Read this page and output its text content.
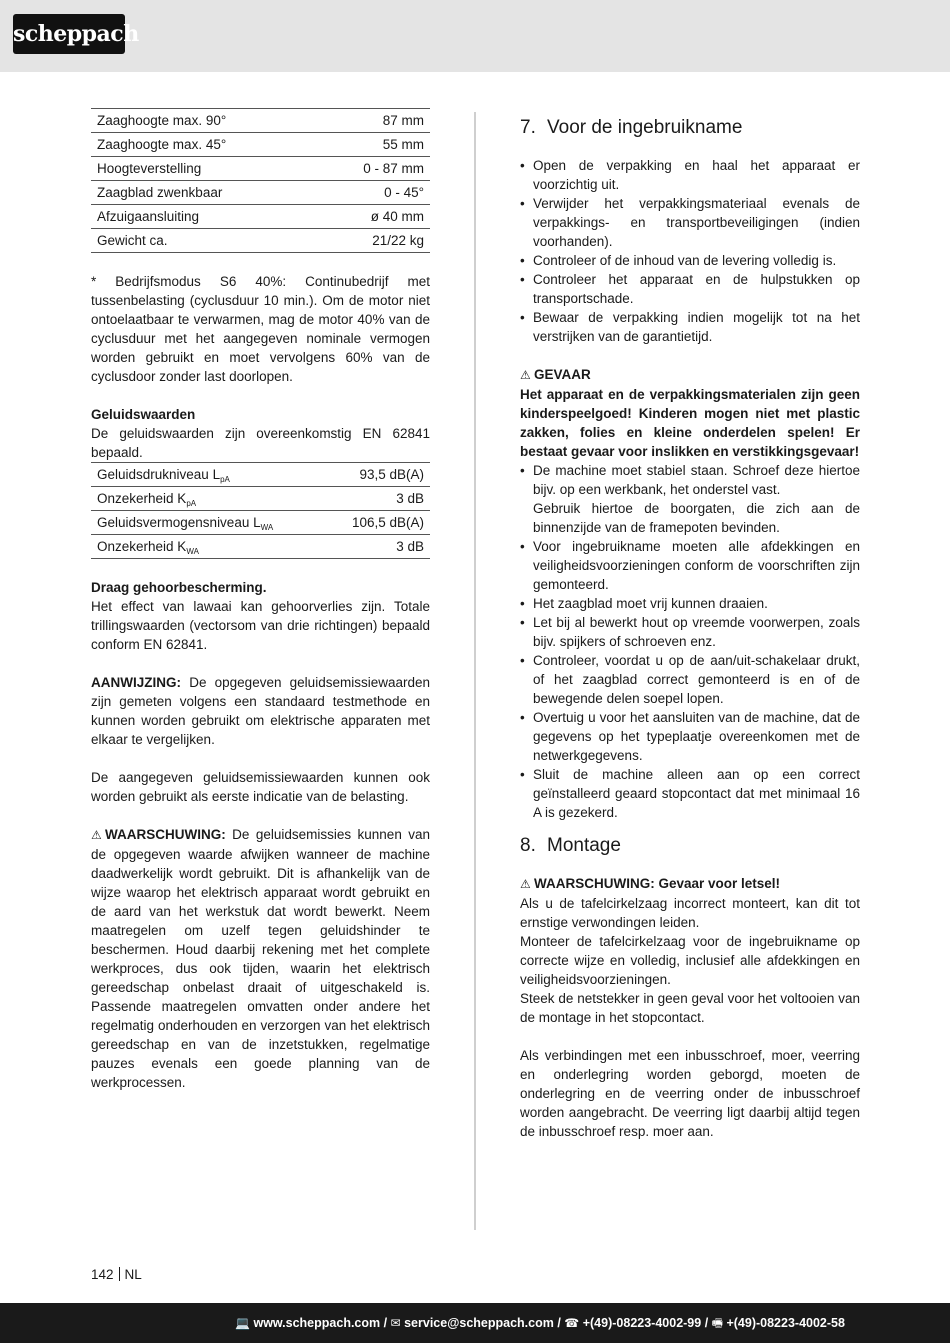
scheppach
Zaaghoogte max. 90°	87 mm
Zaaghoogte max. 45°	55 mm
Hoogteverstelling	0 - 87 mm
Zaagblad zwenkbaar	0 - 45°
Afzuigaansluiting	ø 40 mm
Gewicht ca.	21/22 kg

* Bedrijfsmodus S6 40%: Continubedrijf met tussenbelasting (cyclusduur 10 min.). Om de motor niet ontoelaatbaar te verwarmen, mag de motor 40% van de cyclusduur met het aangegeven nominale vermogen worden gebruikt en moet vervolgens 60% van de cyclusdoor zonder last doorlopen.

Geluidswaarden

De geluidswaarden zijn overeenkomstig EN 62841 bepaald.

Geluidsdrukniveau $L_{pA}$	93,5 dB(A)
Onzekerheid $K_{pA}$	3 dB
Geluidsvermogensniveau $L_{WA}$	106,5 dB(A)
Onzekerheid $K_{WA}$	3 dB

Draag gehoorbescherming.

Het effect van lawaai kan gehoorverlies zijn. Totale trillingswaarden (vectorsom van drie richtingen) bepaald conform EN 62841.

AANWIJZING: De opgegeven geluidsemissiewaarden zijn gemeten volgens een standaard testmethode en kunnen worden gebruikt om elektrische apparaten met elkaar te vergelijken.

De aangegeven geluidsemissiewaarden kunnen ook worden gebruikt als eerste indicatie van de belasting.

⚠ WAARSCHUWING: De geluidsemissies kunnen van de opgegeven waarde afwijken wanneer de machine daadwerkelijk wordt gebruikt. Dit is afhankelijk van de wijze waarop het elektrisch apparaat wordt gebruikt en de aard van het werkstuk dat wordt bewerkt. Neem maatregelen om uzelf tegen geluidshinder te beschermen. Houd daarbij rekening met het complete werkproces, dus ook tijden, waarin het elektrisch gereedschap onbelast draait of uitgeschakeld is. Passende maatregelen omvatten onder andere het regelmatig onderhouden en verzorgen van het elektrisch gereedschap en van de inzetstukken, regelmatige pauzes evenals een goede planning van de werkprocessen.

7. Voor de ingebruikname
• Open de verpakking en haal het apparaat er voorzichtig uit.
• Verwijder het verpakkingsmateriaal evenals de verpakkings- en transportbeveiligingen (indien voorhanden).
• Controleer of de inhoud van de levering volledig is.
• Controleer het apparaat en de hulpstukken op transportschade.
• Bewaar de verpakking indien mogelijk tot na het verstrijken van de garantietijd.

⚠ GEVAAR

Het apparaat en de verpakkingsmaterialen zijn geen kinderspeelgoed! Kinderen mogen niet met plastic zakken, folies en kleine onderdelen spelen! Er bestaat gevaar voor inslikken en verstikkingsgevaar!

• De machine moet stabiel staan. Schroef deze hiertoe bijv. op een werkbank, het onderstel vast.
Gebruik hiertoe de boorgaten, die zich aan de binnenzijde van de framepoten bevinden.
• Voor ingebruikname moeten alle afdekkingen en veiligheidsvoorzieningen conform de voorschriften zijn gemonteerd.
• Het zaagblad moet vrij kunnen draaien.
• Let bij al bewerkt hout op vreemde voorwerpen, zoals bijv. spijkers of schroeven enz.
• Controleer, voordat u op de aan/uit-schakelaar drukt, of het zaagblad correct gemonteerd is en of de bewegende delen soepel lopen.
• Overtuig u voor het aansluiten van de machine, dat de gegevens op het typeplaatje overeenkomen met de netwerkgegevens.
• Sluit de machine alleen aan op een correct geïnstalleerd geaard stopcontact dat met minimaal 16 A is gezekerd.
8. Montage

⚠ WAARSCHUWING: Gevaar voor letsel!

Als u de tafelcirkelzaag incorrect monteert, kan dit tot ernstige verwondingen leiden.

Monteer de tafelcirkelzaag voor de ingebruikname op correcte wijze en volledig, inclusief alle afdekkingen en veiligheidsvoorzieningen.

Steek de netstekker in geen geval voor het voltooien van de montage in het stopcontact.

Als verbindingen met een inbusschroef, moer, veerring en onderlegring worden geborgd, moeten de onderlegring en de veerring onder de inbusschroef worden aangebracht. De veerring ligt daarbij altijd tegen de inbusschroef resp. moer aan.

142 NL
💻 www.scheppach.com / ✉ service@scheppach.com / ☎ +(49)-08223-4002-99 / 🖷 +(49)-08223-4002-58
